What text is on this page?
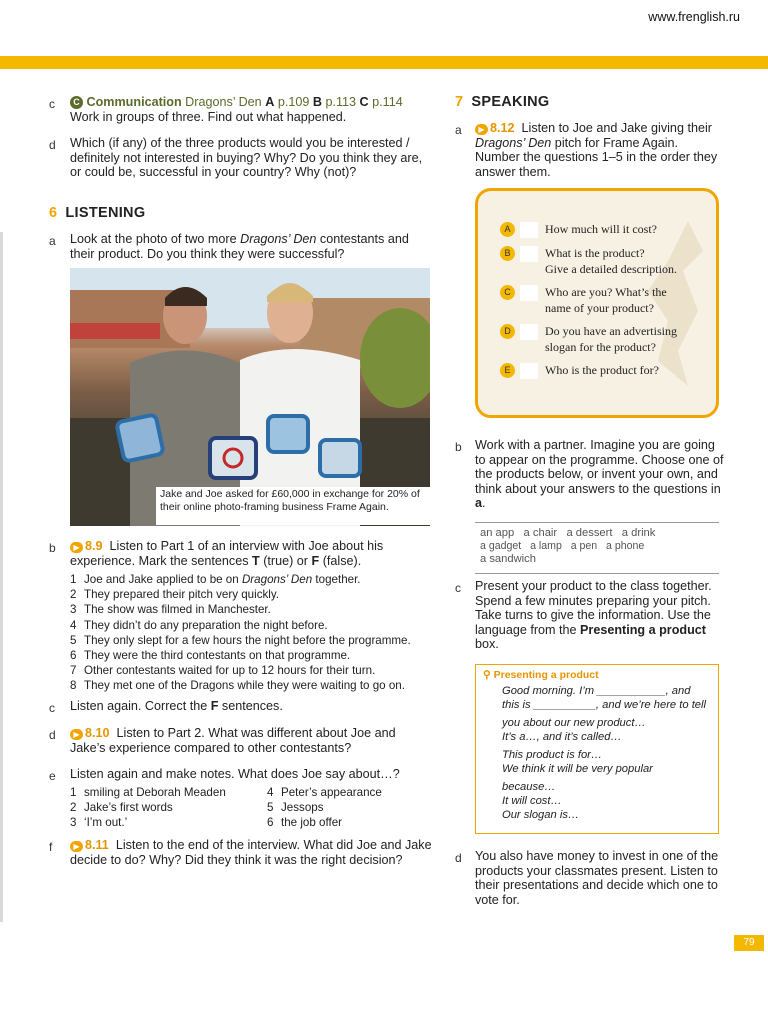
www.frenglish.ru
c	C Communication Dragons’ Den A p.109 B p.113 C p.114
Work in groups of three. Find out what happened.
d Which (if any) of the three products would you be interested / definitely not interested in buying? Why? Do you think they are, or could be, successful in your country? Why (not)?
6 LISTENING
a Look at the photo of two more Dragons’ Den contestants and their product. Do you think they were successful?
Jake and Joe asked for £60,000 in exchange for 20% of their online photo-framing business Frame Again.
b	▶ 8.9 Listen to Part 1 of an interview with Joe about his experience. Mark the sentences T (true) or F (false).
1 Joe and Jake applied to be on Dragons’ Den together.
2 They prepared their pitch very quickly.
3 The show was filmed in Manchester.
4 They didn’t do any preparation the night before.
5 They only slept for a few hours the night before the programme.
6 They were the third contestants on that programme.
7 Other contestants waited for up to 12 hours for their turn.
8 They met one of the Dragons while they were waiting to go on.
c Listen again. Correct the F sentences.
d	▶ 8.10 Listen to Part 2. What was different about Joe and Jake’s experience compared to other contestants?
e Listen again and make notes. What does Joe say about…?
1 smiling at Deborah Meaden
2 Jake’s first words
3 ‘I’m out.’
4 Peter’s appearance
5 Jessops
6 the job offer
f	▶ 8.11 Listen to the end of the interview. What did Joe and Jake decide to do? Why? Did they think it was the right decision?
7 SPEAKING
a	▶ 8.12 Listen to Joe and Jake giving their Dragons’ Den pitch for Frame Again. Number the questions 1–5 in the order they answer them.
A	How much will it cost?
B	What is the product?
Give a detailed description.
C	Who are you? What’s the
name of your product?
D	Do you have an advertising
slogan for the product?
E	Who is the product for?
b Work with a partner. Imagine you are going to appear on the programme. Choose one of the products below, or invent your own, and think about your answers to the questions in a.
an app   a chair   a dessert   a drink
a gadget   a lamp   a pen   a phone
a sandwich
c Present your product to the class together. Spend a few minutes preparing your pitch. Take turns to give the information. Use the language from the Presenting a product box.
⚲ Presenting a product
Good morning. I’m ___________, and
this is __________, and we’re here to tell
you about our new product…
It’s a…, and it’s called…
This product is for…
We think it will be very popular
because…
It will cost…
Our slogan is…
d You also have money to invest in one of the products your classmates present. Listen to their presentations and decide which one to vote for.
79
